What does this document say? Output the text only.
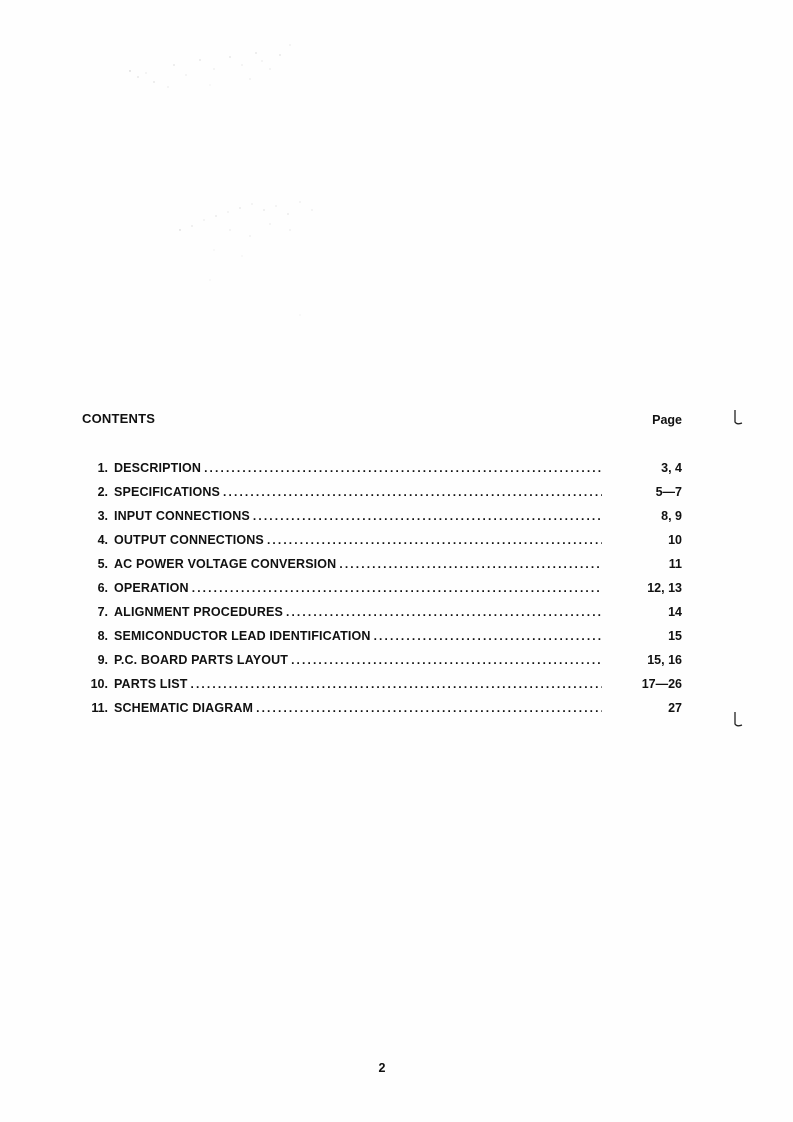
CONTENTS	Page
1. DESCRIPTION . . .	3, 4
2. SPECIFICATIONS . . .	5—7
3. INPUT CONNECTIONS . . .	8, 9
4. OUTPUT CONNECTIONS . . .	10
5. AC POWER VOLTAGE CONVERSION . . .	11
6. OPERATION . . .	12, 13
7. ALIGNMENT PROCEDURES . . .	14
8. SEMICONDUCTOR LEAD IDENTIFICATION . . .	15
9. P.C. BOARD PARTS LAYOUT . . .	15, 16
10. PARTS LIST . . .	17—26
11. SCHEMATIC DIAGRAM . . .	27
2
